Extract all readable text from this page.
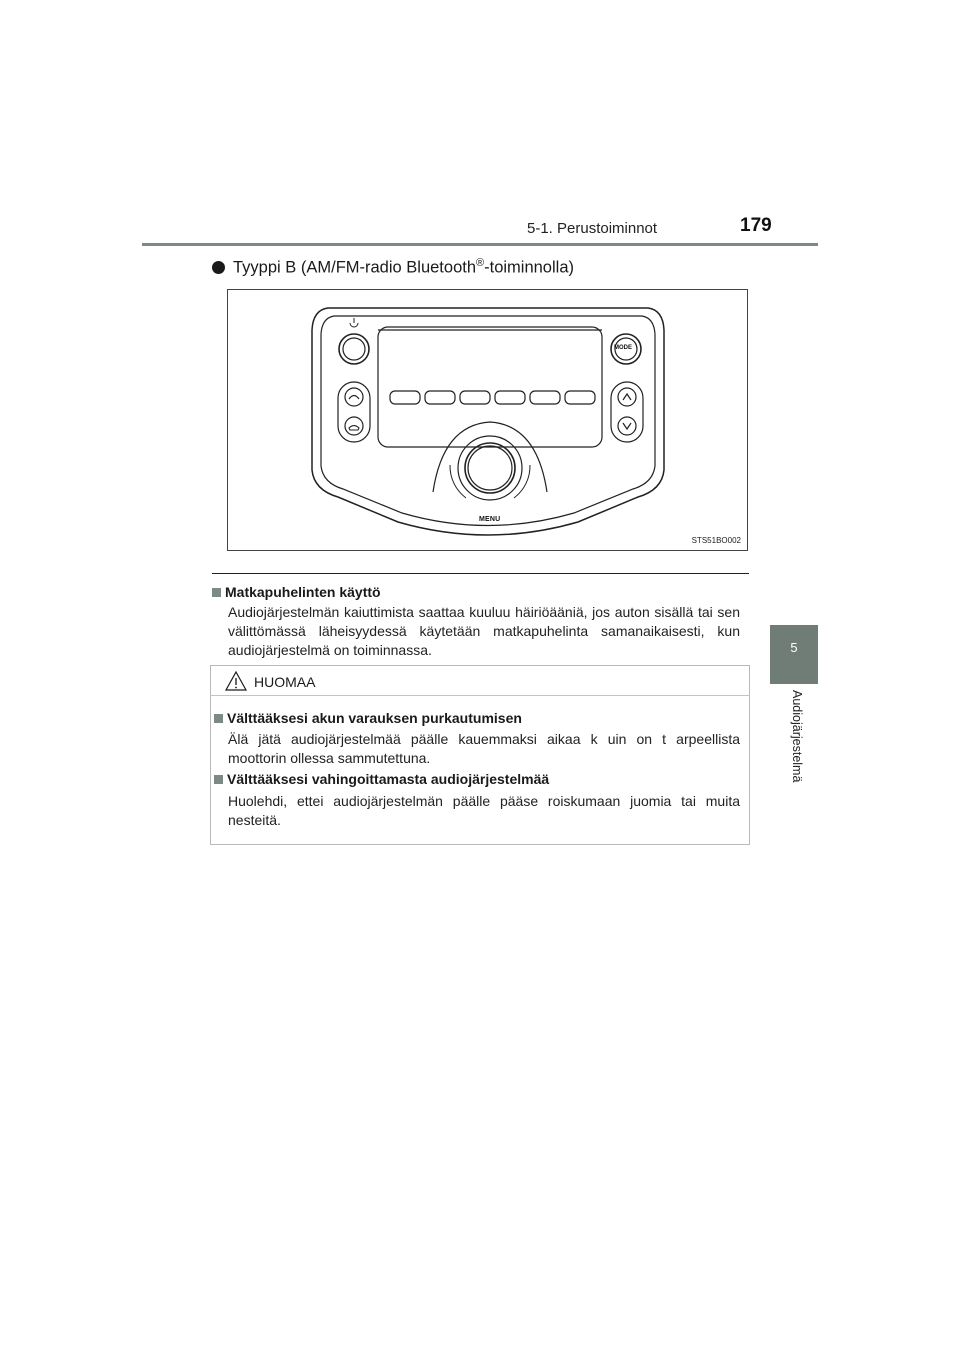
5-1. Perustoiminnot	179
5
Audiojärjestelmä
Tyyppi B (AM/FM-radio Bluetooth®-toiminnolla)
MODE
MENU
STS51BO002
Matkapuhelinten käyttö
Audiojärjestelmän kaiuttimista saattaa kuuluu häiriöääniä, jos auton sisällä tai sen välittömässä läheisyydessä käytetään matkapuhelinta samanaikaisesti, kun audiojärjestelmä on toiminnassa.
HUOMAA
Välttääksesi akun varauksen purkautumisen
Älä jätä audiojärjestelmää päälle kauemmaksi aikaa k uin on t arpeellista moottorin ollessa sammutettuna.
Välttääksesi vahingoittamasta audiojärjestelmää
Huolehdi, ettei audiojärjestelmän päälle pääse roiskumaan juomia tai muita nesteitä.
